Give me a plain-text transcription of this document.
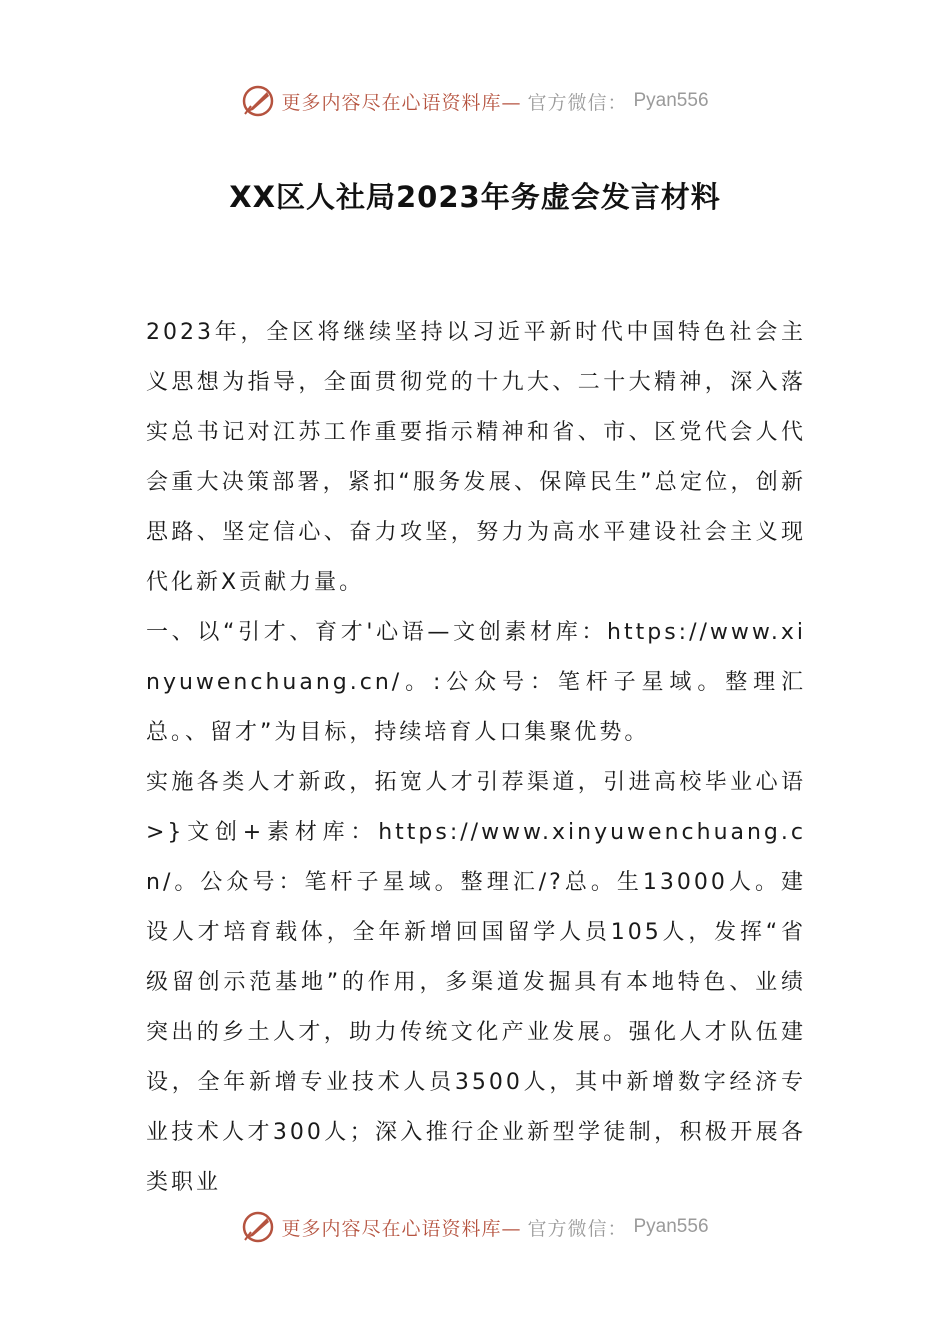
更多内容尽在心语资料库— 官方微信： Pyan556
XX区人社局2023年务虚会发言材料

2023年，全区将继续坚持以习近平新时代中国特色社会主义思想为指导，全面贯彻党的十九大、二十大精神，深入落实总书记对江苏工作重要指示精神和省、市、区党代会人代会重大决策部署，紧扣“服务发展、保障民生”总定位，创新思路、坚定信心、奋力攻坚，努力为高水平建设社会主义现代化新X贡献力量。

一、以“引才、育才'心语—文创素材库：https://www.xinyuwenchuang.cn/。:公众号：笔杆子星域。整理汇总。、留才”为目标，持续培育人口集聚优势。

实施各类人才新政，拓宽人才引荐渠道，引进高校毕业心语>}文创+素材库：https://www.xinyuwenchuang.cn/。公众号：笔杆子星域。整理汇/?总。生13000人。建设人才培育载体，全年新增回国留学人员105人，发挥“省级留创示范基地”的作用，多渠道发掘具有本地特色、业绩突出的乡土人才，助力传统文化产业发展。强化人才队伍建设，全年新增专业技术人员3500人，其中新增数字经济专业技术人才300人；深入推行企业新型学徒制，积极开展各类职业

更多内容尽在心语资料库— 官方微信： Pyan556
